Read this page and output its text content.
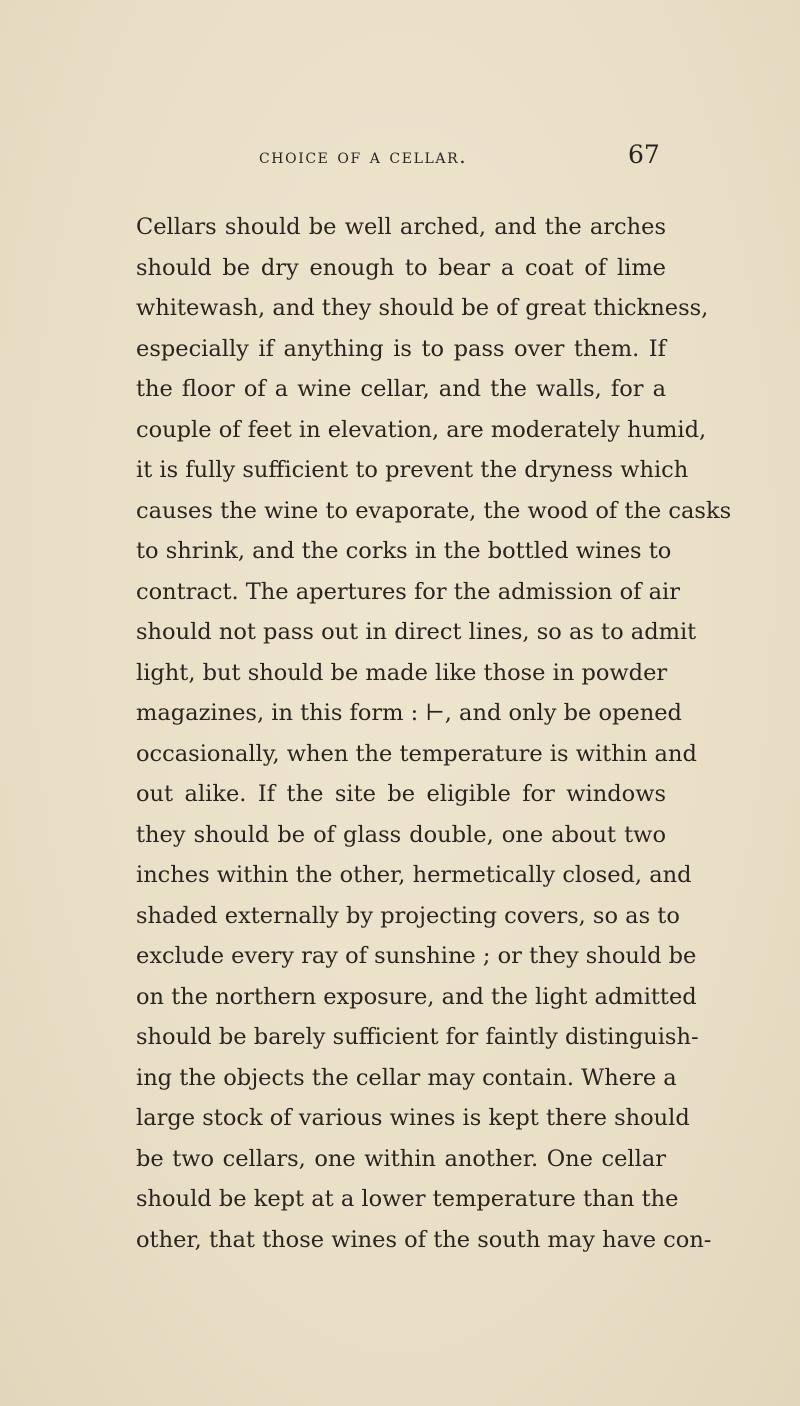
choice of a cellar.	67
Cellars should be well arched, and the arches
should be dry enough to bear a coat of lime
whitewash, and they should be of great thickness,
especially if anything is to pass over them. If
the floor of a wine cellar, and the walls, for a
couple of feet in elevation, are moderately humid,
it is fully sufficient to prevent the dryness which
causes the wine to evaporate, the wood of the casks
to shrink, and the corks in the bottled wines to
contract. The apertures for the admission of air
should not pass out in direct lines, so as to admit
light, but should be made like those in powder
magazines, in this form : ⊢, and only be opened
occasionally, when the temperature is within and
out alike. If the site be eligible for windows
they should be of glass double, one about two
inches within the other, hermetically closed, and
shaded externally by projecting covers, so as to
exclude every ray of sunshine ; or they should be
on the northern exposure, and the light admitted
should be barely sufficient for faintly distinguish-
ing the objects the cellar may contain. Where a
large stock of various wines is kept there should
be two cellars, one within another. One cellar
should be kept at a lower temperature than the
other, that those wines of the south may have con-
